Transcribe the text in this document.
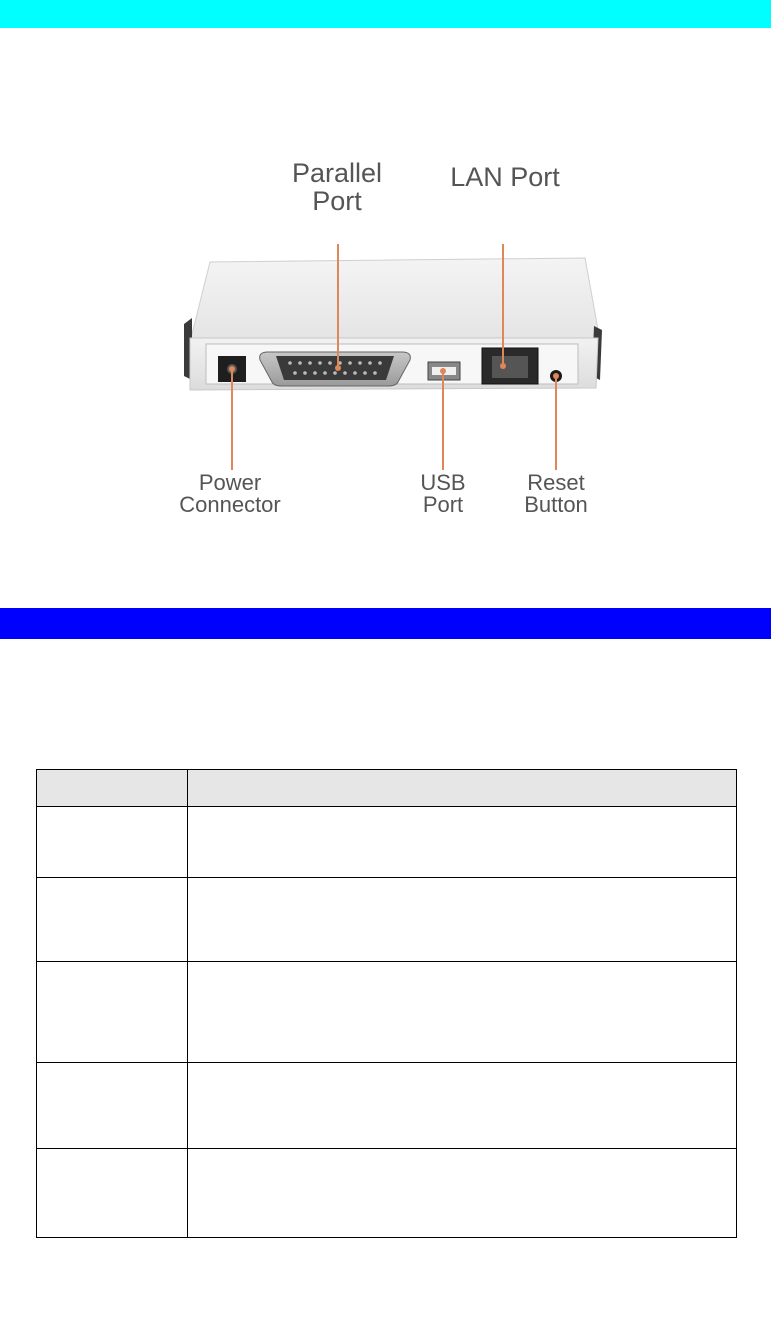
Parallel
Port
LAN Port
Power
Connector
USB
Port
Reset
Button
